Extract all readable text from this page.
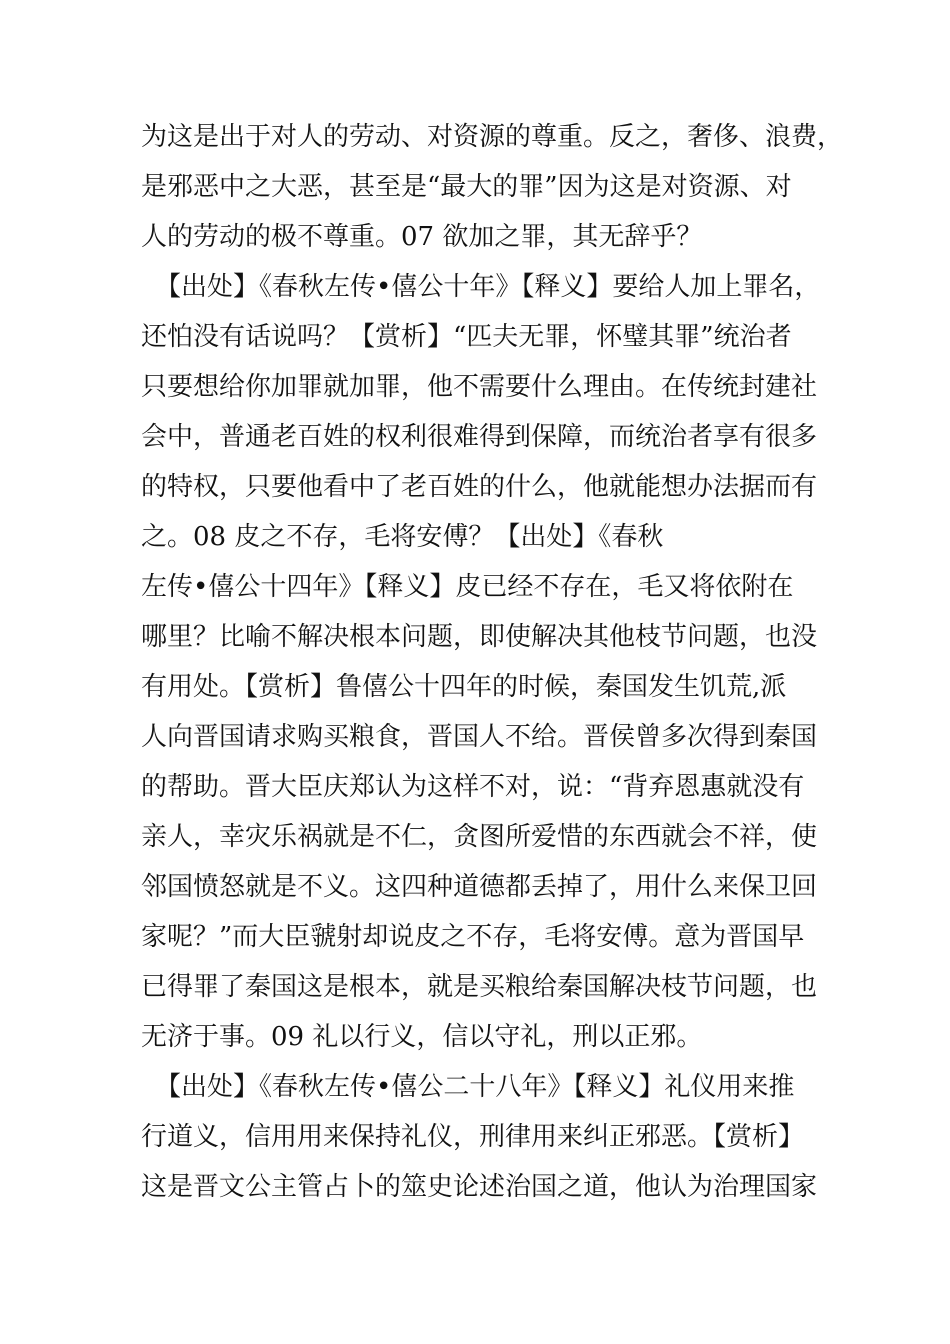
为这是出于对人的劳动、对资源的尊重。反之，奢侈、浪费，
是邪恶中之大恶，甚至是“最大的罪”因为这是对资源、对
人的劳动的极不尊重。07 欲加之罪，其无辞乎？
【出处】《春秋左传•僖公十年》【释义】要给人加上罪名，
还怕没有话说吗？【赏析】“匹夫无罪，怀璧其罪”统治者
只要想给你加罪就加罪，他不需要什么理由。在传统封建社
会中，普通老百姓的权利很难得到保障，而统治者享有很多
的特权，只要他看中了老百姓的什么，他就能想办法据而有
之。08 皮之不存，毛将安傅？【出处】《春秋
左传•僖公十四年》【释义】皮已经不存在，毛又将依附在
哪里？比喻不解决根本问题，即使解决其他枝节问题，也没
有用处。【赏析】鲁僖公十四年的时候，秦国发生饥荒,派
人向晋国请求购买粮食，晋国人不给。晋侯曾多次得到秦国
的帮助。晋大臣庆郑认为这样不对，说：“背弃恩惠就没有
亲人，幸灾乐祸就是不仁，贪图所爱惜的东西就会不祥，使
邻国愤怒就是不义。这四种道德都丢掉了，用什么来保卫回
家呢？”而大臣虢射却说皮之不存，毛将安傅。意为晋国早
已得罪了秦国这是根本，就是买粮给秦国解决枝节问题，也
无济于事。09 礼以行义，信以守礼，刑以正邪。
【出处】《春秋左传•僖公二十八年》【释义】礼仪用来推
行道义，信用用来保持礼仪，刑律用来纠正邪恶。【赏析】
这是晋文公主管占卜的筮史论述治国之道，他认为治理国家
